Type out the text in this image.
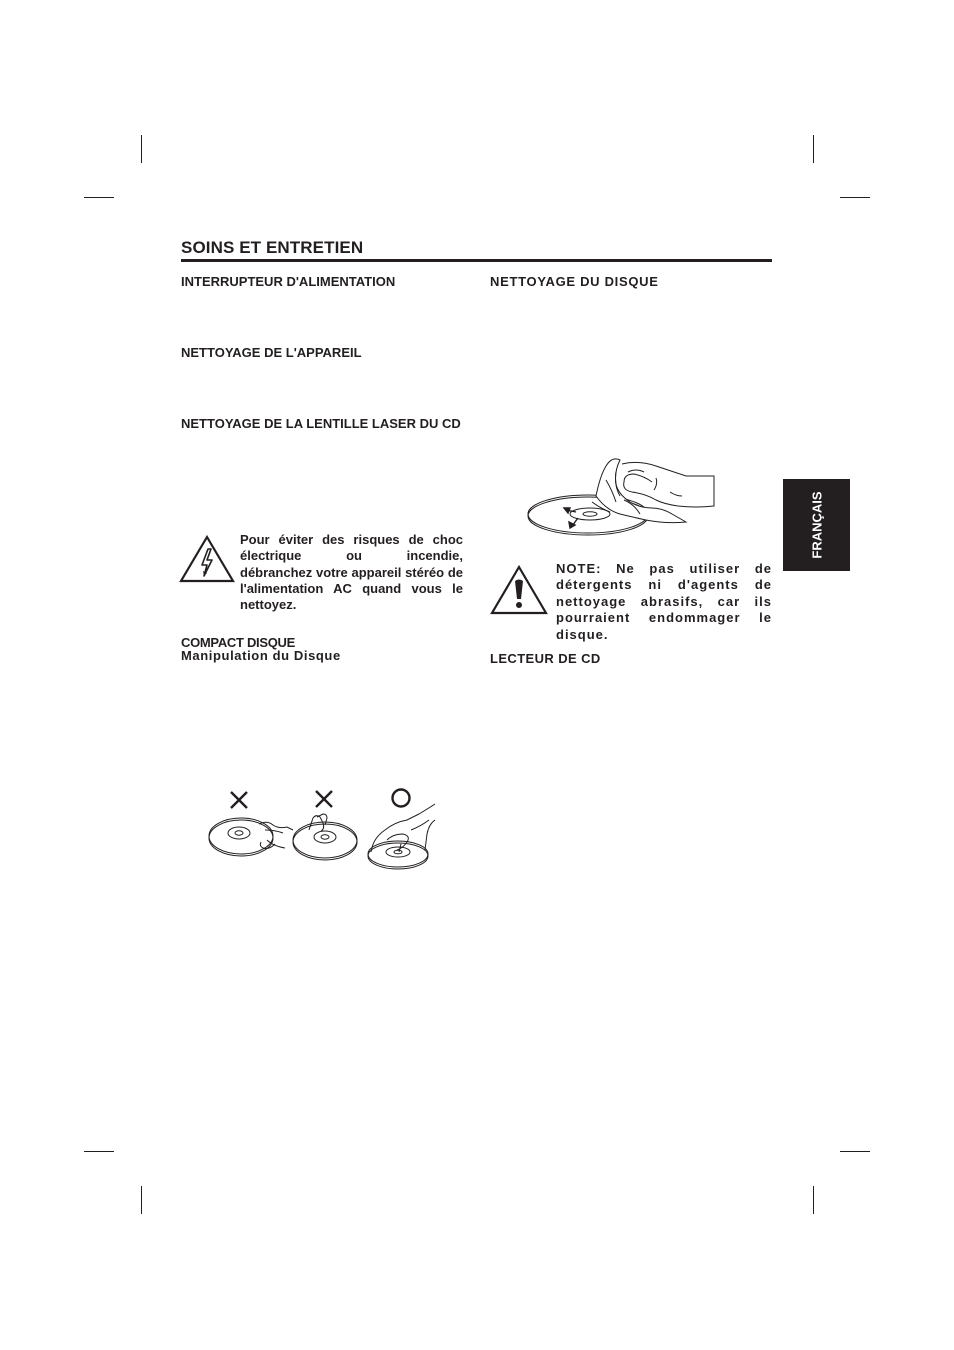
SOINS ET ENTRETIEN
FRANÇAIS
INTERRUPTEUR D'ALIMENTATION
NETTOYAGE DE L'APPAREIL
NETTOYAGE DE LA LENTILLE LASER DU CD
Pour éviter des risques de choc
électrique ou incendie,
débranchez votre appareil stéréo de l'alimentation AC quand vous le nettoyez.
COMPACT DISQUE
Manipulation du Disque
NETTOYAGE DU DISQUE
NOTE: Ne pas utiliser de détergents ni d'agents de nettoyage abrasifs, car ils pourraient endommager le disque.
LECTEUR DE CD
